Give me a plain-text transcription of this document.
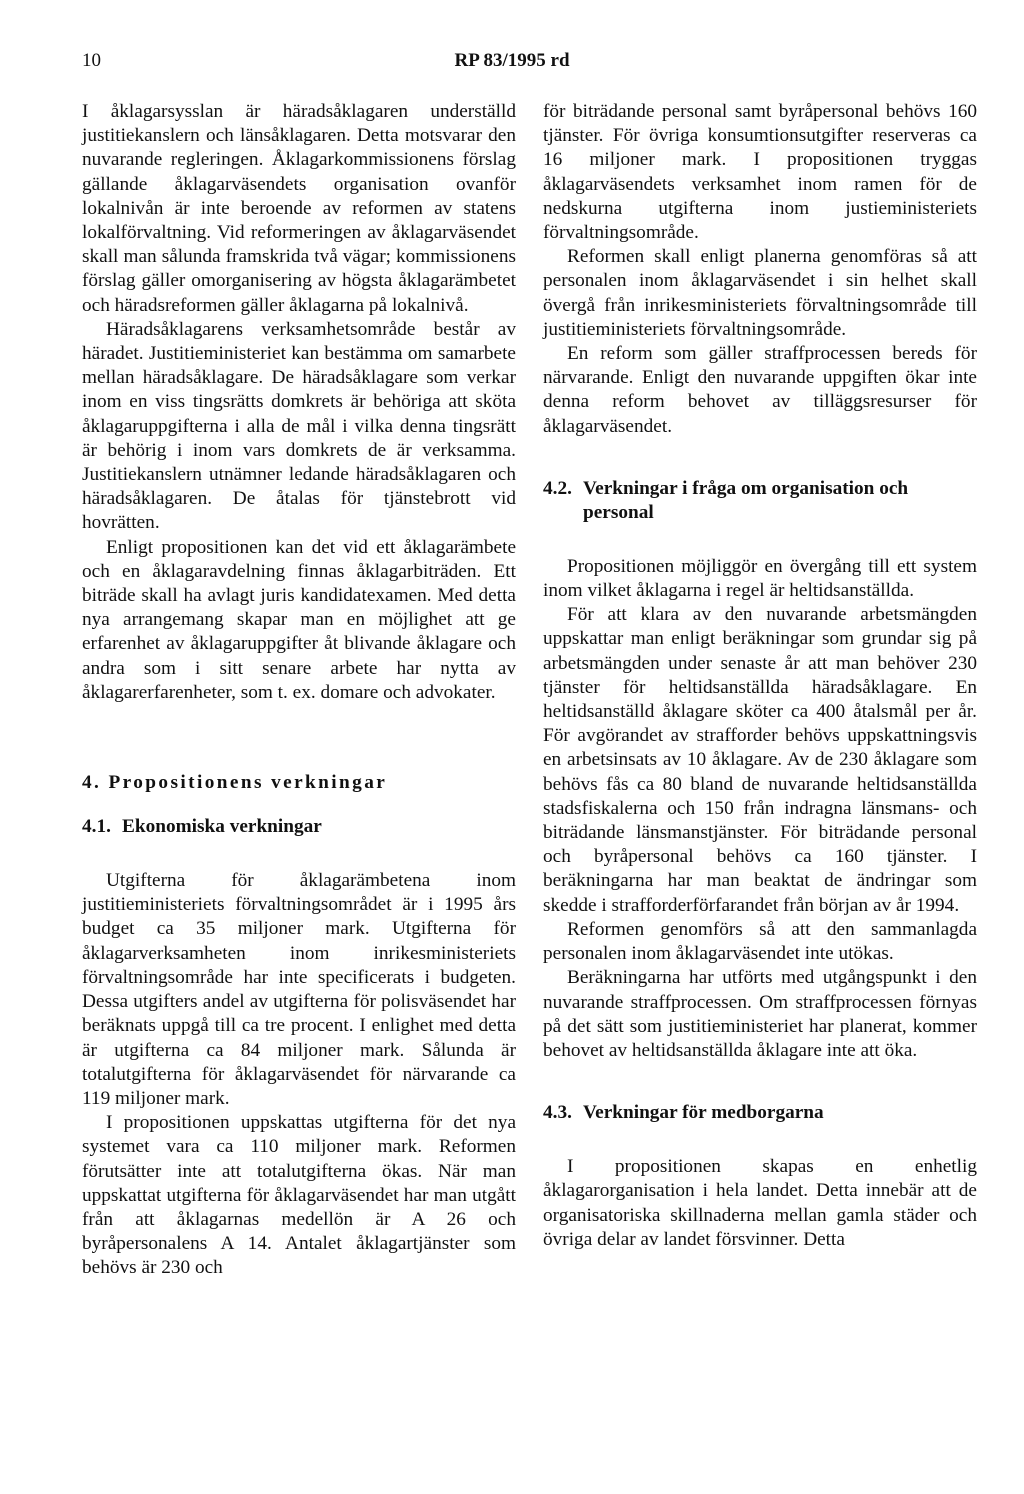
10	RP 83/1995 rd

I åklagarsysslan är häradsåklagaren underställd justitiekanslern och länsåklagaren. Detta motsvarar den nuvarande regleringen. Åklagarkommissionens förslag gällande åklagarväsendets organisation ovanför lokalnivån är inte beroende av reformen av statens lokalförvaltning. Vid reformeringen av åklagarväsendet skall man sålunda framskrida två vägar; kommissionens förslag gäller omorganisering av högsta åklagarämbetet och häradsreformen gäller åklagarna på lokalnivå.

Häradsåklagarens verksamhetsområde består av häradet. Justitieministeriet kan bestämma om samarbete mellan häradsåklagare. De häradsåklagare som verkar inom en viss tingsrätts domkrets är behöriga att sköta åklagaruppgifterna i alla de mål i vilka denna tingsrätt är behörig i inom vars domkrets de är verksamma. Justitiekanslern utnämner ledande häradsåklagaren och häradsåklagaren. De åtalas för tjänstebrott vid hovrätten.

Enligt propositionen kan det vid ett åklagarämbete och en åklagaravdelning finnas åklagarbiträden. Ett biträde skall ha avlagt juris kandidatexamen. Med detta nya arrangemang skapar man en möjlighet att ge erfarenhet av åklagaruppgifter åt blivande åklagare och andra som i sitt senare arbete har nytta av åklagarerfarenheter, som t. ex. domare och advokater.

4. Propositionens verkningar
4.1. Ekonomiska verkningar

Utgifterna för åklagarämbetena inom justitieministeriets förvaltningsområdet är i 1995 års budget ca 35 miljoner mark. Utgifterna för åklagarverksamheten inom inrikesministeriets förvaltningsområde har inte specificerats i budgeten. Dessa utgifters andel av utgifterna för polisväsendet har beräknats uppgå till ca tre procent. I enlighet med detta är utgifterna ca 84 miljoner mark. Sålunda är totalutgifterna för åklagarväsendet för närvarande ca 119 miljoner mark.

I propositionen uppskattas utgifterna för det nya systemet vara ca 110 miljoner mark. Reformen förutsätter inte att totalutgifterna ökas. När man uppskattat utgifterna för åklagarväsendet har man utgått från att åklagarnas medellön är A 26 och byråpersonalens A 14. Antalet åklagartjänster som behövs är 230 och

för biträdande personal samt byråpersonal behövs 160 tjänster. För övriga konsumtionsutgifter reserveras ca 16 miljoner mark. I propositionen tryggas åklagarväsendets verksamhet inom ramen för de nedskurna utgifterna inom justieministeriets förvaltningsområde.

Reformen skall enligt planerna genomföras så att personalen inom åklagarväsendet i sin helhet skall övergå från inrikesministeriets förvaltningsområde till justitieministeriets förvaltningsområde.

En reform som gäller straffprocessen bereds för närvarande. Enligt den nuvarande uppgiften ökar inte denna reform behovet av tilläggsresurser för åklagarväsendet.

4.2. Verkningar i fråga om organisation och personal

Propositionen möjliggör en övergång till ett system inom vilket åklagarna i regel är heltidsanställda.

För att klara av den nuvarande arbetsmängden uppskattar man enligt beräkningar som grundar sig på arbetsmängden under senaste år att man behöver 230 tjänster för heltidsanställda häradsåklagare. En heltidsanställd åklagare sköter ca 400 åtalsmål per år. För avgörandet av strafforder behövs uppskattningsvis en arbetsinsats av 10 åklagare. Av de 230 åklagare som behövs fås ca 80 bland de nuvarande heltidsanställda stadsfiskalerna och 150 från indragna länsmans- och biträdande länsmanstjänster. För biträdande personal och byråpersonal behövs ca 160 tjänster. I beräkningarna har man beaktat de ändringar som skedde i strafforderförfarandet från början av år 1994.

Reformen genomförs så att den sammanlagda personalen inom åklagarväsendet inte utökas.

Beräkningarna har utförts med utgångspunkt i den nuvarande straffprocessen. Om straffprocessen förnyas på det sätt som justitieministeriet har planerat, kommer behovet av heltidsanställda åklagare inte att öka.

4.3. Verkningar för medborgarna

I propositionen skapas en enhetlig åklagarorganisation i hela landet. Detta innebär att de organisatoriska skillnaderna mellan gamla städer och övriga delar av landet försvinner. Detta
